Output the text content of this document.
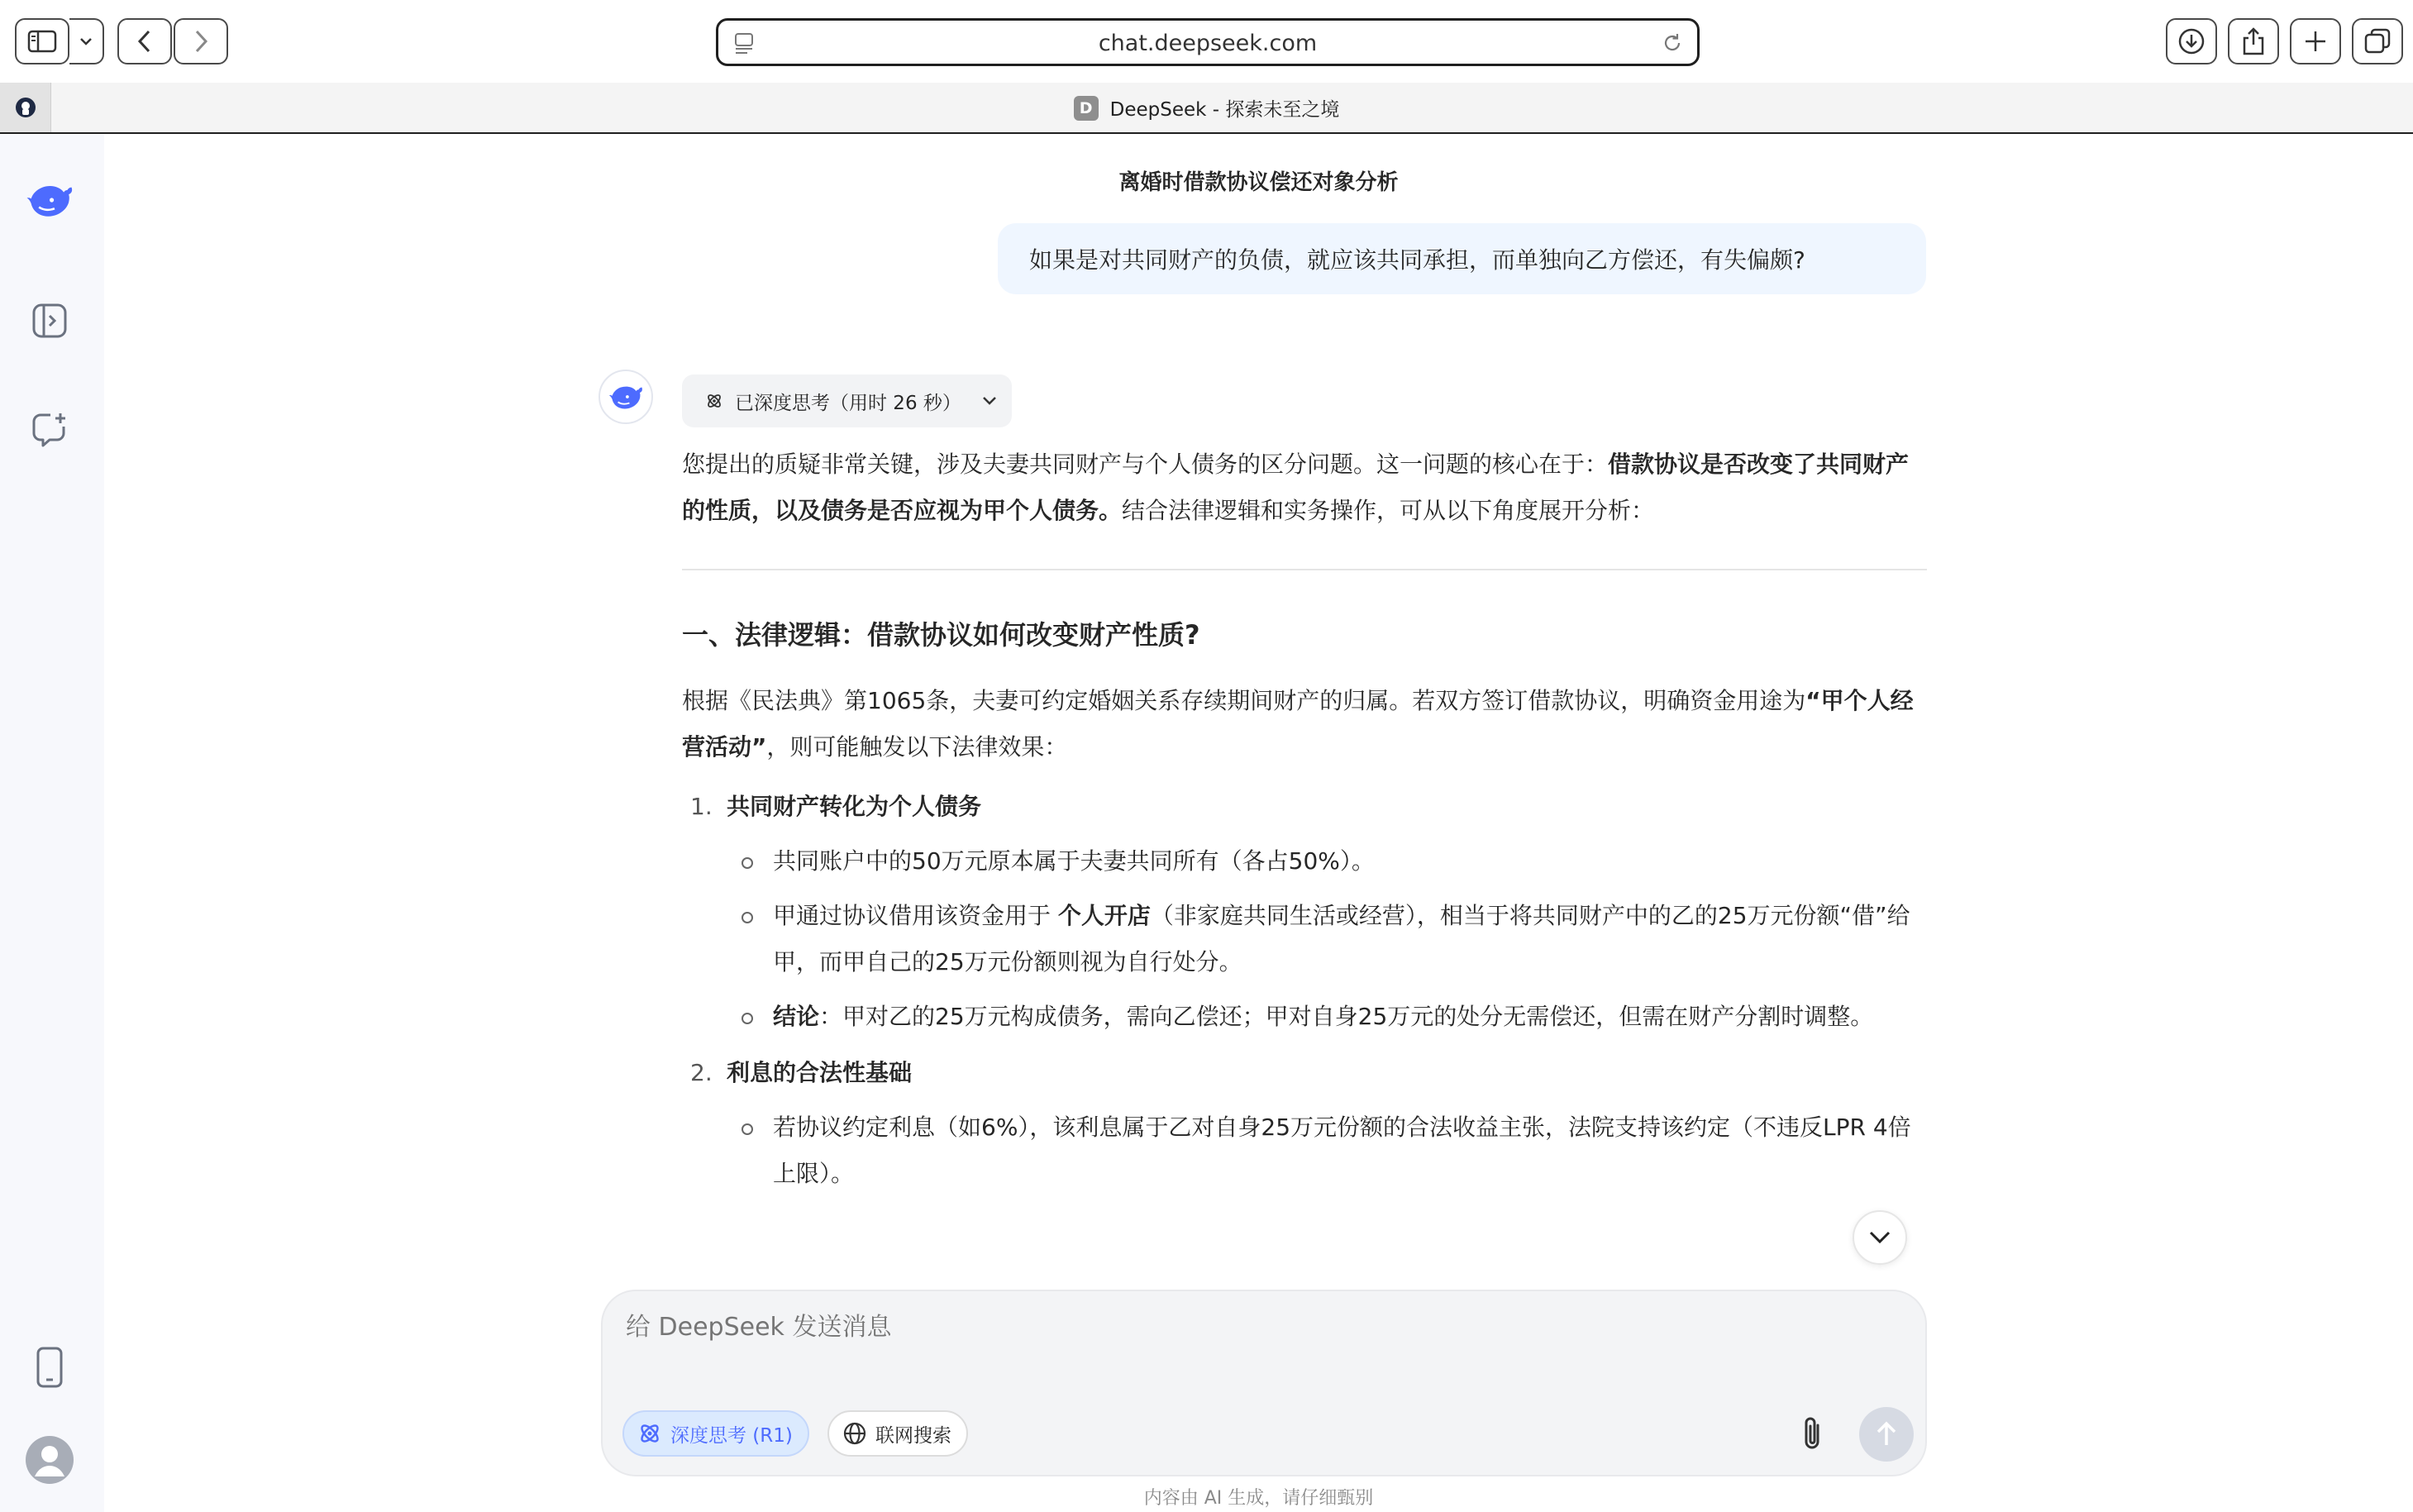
chat.deepseek.com
D DeepSeek - 探索未至之境
离婚时借款协议偿还对象分析
如果是对共同财产的负债，就应该共同承担，而单独向乙方偿还，有失偏颇?
已深度思考（用时 26 秒）

您提出的质疑非常关键，涉及夫妻共同财产与个人债务的区分问题。这一问题的核心在于：借款协议是否改变了共同财产的性质，以及债务是否应视为甲个人债务。结合法律逻辑和实务操作，可从以下角度展开分析：

一、法律逻辑：借款协议如何改变财产性质?

根据《民法典》第1065条，夫妻可约定婚姻关系存续期间财产的归属。若双方签订借款协议，明确资金用途为“甲个人经营活动”，则可能触发以下法律效果：

1. 共同财产转化为个人债务
共同账户中的50万元原本属于夫妻共同所有（各占50%）。
甲通过协议借用该资金用于 个人开店（非家庭共同生活或经营），相当于将共同财产中的乙的25万元份额“借”给甲，而甲自己的25万元份额则视为自行处分。
结论：甲对乙的25万元构成债务，需向乙偿还；甲对自身25万元的处分无需偿还，但需在财产分割时调整。
2. 利息的合法性基础
若协议约定利息（如6%），该利息属于乙对自身25万元份额的合法收益主张，法院支持该约定（不违反LPR 4倍上限）。
给 DeepSeek 发送消息
深度思考 (R1)	联网搜索
内容由 AI 生成，请仔细甄别
